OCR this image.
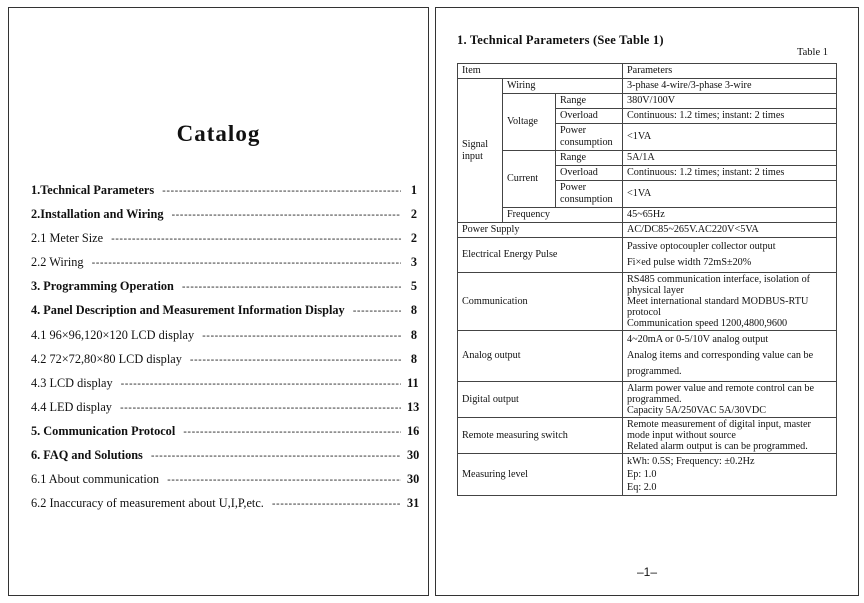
Catalog
1.Technical Parameters -----	1
2.Installation and Wiring -----	2
2.1 Meter Size -----	2
2.2 Wiring -----	3
3. Programming Operation -----	5
4. Panel Description and Measurement Information Display -----	8
4.1 96×96,120×120 LCD display -----	8
4.2 72×72,80×80 LCD display -----	8
4.3 LCD display -----	11
4.4 LED display -----	13
5. Communication Protocol -----	16
6. FAQ and Solutions -----	30
6.1 About communication -----	30
6.2 Inaccuracy of measurement about U,I,P,etc. -----	31
1. Technical Parameters (See Table 1)
Table 1
Item			Parameters

Signal
input	Wiring		3-phase 4-wire/3-phase 3-wire
	Voltage	Range	380V/100V
		Overload	Continuous: 1.2 times; instant: 2 times

		Power
consumption	<1VA

	Current	Range	5A/1A
		Overload	Continuous: 1.2 times; instant: 2 times

		Power
consumption	<1VA

	Frequency		45~65Hz
Power Supply			AC/DC85~265V.AC220V<5VA
Electrical Energy Pulse			Passive optocoupler collector output
Fi×ed pulse width 72mS±20%

Communication			RS485 communication interface, isolation of physical layer
Meet international standard MODBUS-RTU protocol
Communication speed 1200,4800,9600

Analog output			4~20mA or 0-5/10V analog output
Analog items and corresponding value can be programmed.

Digital output			Alarm power value and remote control can be programmed.
Capacity 5A/250VAC 5A/30VDC

Remote measuring switch			Remote measurement of digital input, master mode input without source
Related alarm output is can be programmed.

Measuring level			kWh: 0.5S; Frequency: ±0.2Hz
Ep: 1.0
Eq: 2.0
–1–
